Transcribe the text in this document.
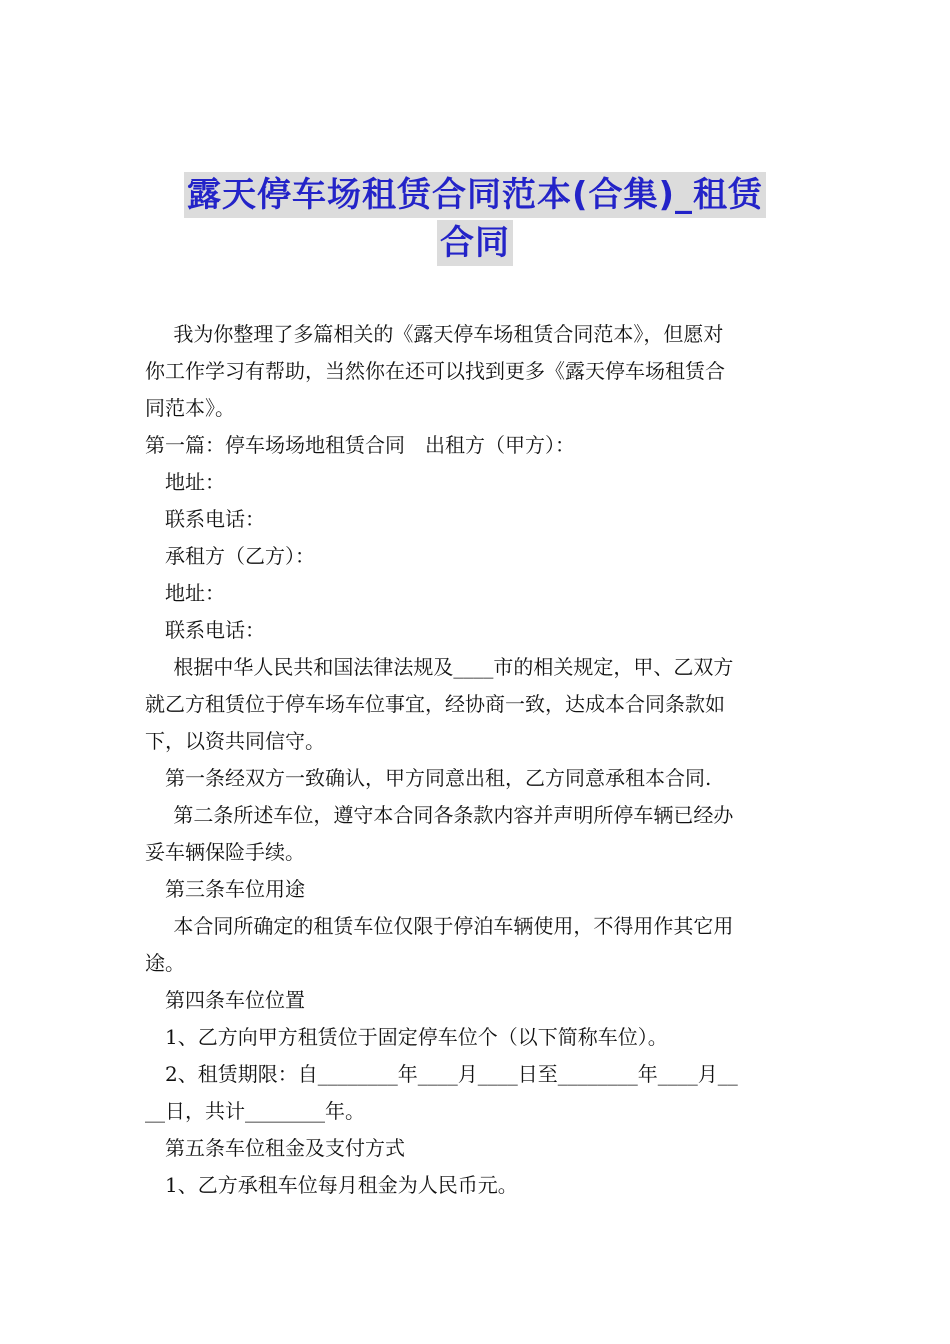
露天停车场租赁合同范本(合集)_租赁
合同

我为你整理了多篇相关的《露天停车场租赁合同范本》，但愿对

你工作学习有帮助，当然你在还可以找到更多《露天停车场租赁合

同范本》。

第一篇：停车场场地租赁合同　出租方（甲方）：

地址：

联系电话：

承租方（乙方）：

地址：

联系电话：

根据中华人民共和国法律法规及____市的相关规定，甲、乙双方

就乙方租赁位于停车场车位事宜，经协商一致，达成本合同条款如

下，以资共同信守。

第一条经双方一致确认，甲方同意出租，乙方同意承租本合同.

第二条所述车位，遵守本合同各条款内容并声明所停车辆已经办

妥车辆保险手续。

第三条车位用途

本合同所确定的租赁车位仅限于停泊车辆使用，不得用作其它用

途。

第四条车位位置

1、乙方向甲方租赁位于固定停车位个（以下简称车位）。

2、租赁期限：自________年____月____日至________年____月__

__日，共计________年。

第五条车位租金及支付方式

1、乙方承租车位每月租金为人民币元。
